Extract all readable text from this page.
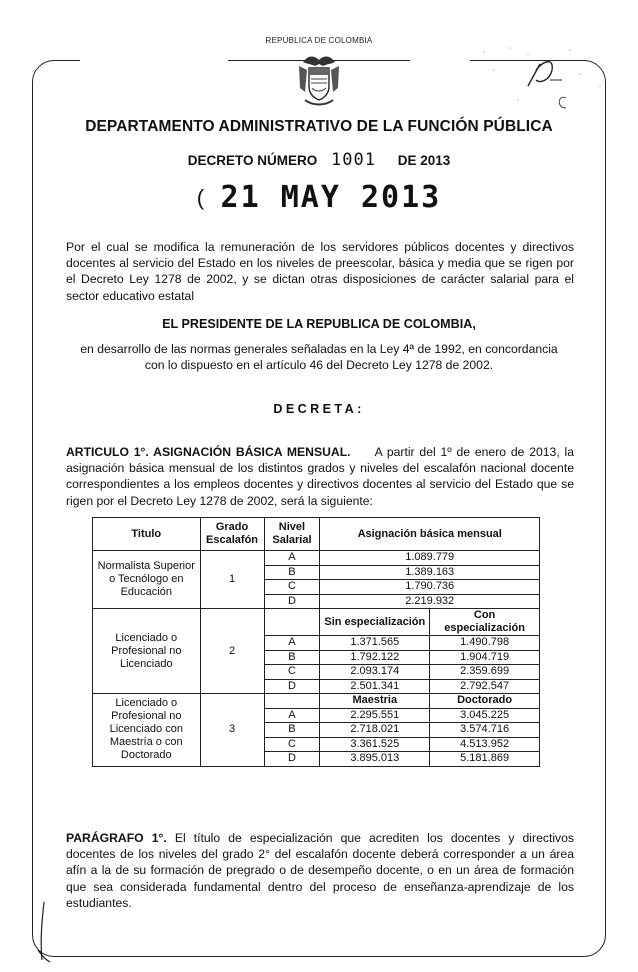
REPUBLICA DE COLOMBIA
DEPARTAMENTO ADMINISTRATIVO DE LA FUNCIÓN PÚBLICA
DECRETO NÚMERO 1001 DE 2013
( 21 MAY 2013
Por el cual se modifica la remuneración de los servidores públicos docentes y directivos docentes al servicio del Estado en los niveles de preescolar, básica y media que se rigen por el Decreto Ley 1278 de 2002, y se dictan otras disposiciones de carácter salarial para el sector educativo estatal
EL PRESIDENTE DE LA REPUBLICA DE COLOMBIA,
en desarrollo de las normas generales señaladas en la Ley 4ª de 1992, en concordancia con lo dispuesto en el artículo 46 del Decreto Ley 1278 de 2002.
DECRETA:
ARTICULO 1°. ASIGNACIÓN BÁSICA MENSUAL. A partir del 1º de enero de 2013, la asignación básica mensual de los distintos grados y niveles del escalafón nacional docente correspondientes a los empleos docentes y directivos docentes al servicio del Estado que se rigen por el Decreto Ley 1278 de 2002, será la siguiente:
Titulo	Grado Escalafón	Nivel Salarial	Asignación básica mensual	
Normalista Superior o Tecnólogo en Educación	1	A	1.089.779	
		B	1.389.163	
		C	1.790.736	
		D	2.219.932	
Licenciado o Profesional no Licenciado	2		Sin especialización	Con especialización
		A	1.371.565	1.490.798
		B	1.792.122	1.904.719
		C	2.093.174	2.359.699
		D	2.501.341	2.792.547
Licenciado o Profesional no Licenciado con Maestría o con Doctorado	3		Maestria	Doctorado
		A	2.295.551	3.045.225
		B	2.718.021	3.574.716
		C	3.361.525	4.513.952
		D	3.895.013	5.181.869
PARÁGRAFO 1°. El título de especialización que acrediten los docentes y directivos docentes de los niveles del grado 2° del escalafón docente deberá corresponder a un área afín a la de su formación de pregrado o de desempeño docente, o en un área de formación que sea considerada fundamental dentro del proceso de enseñanza-aprendizaje de los estudiantes.
